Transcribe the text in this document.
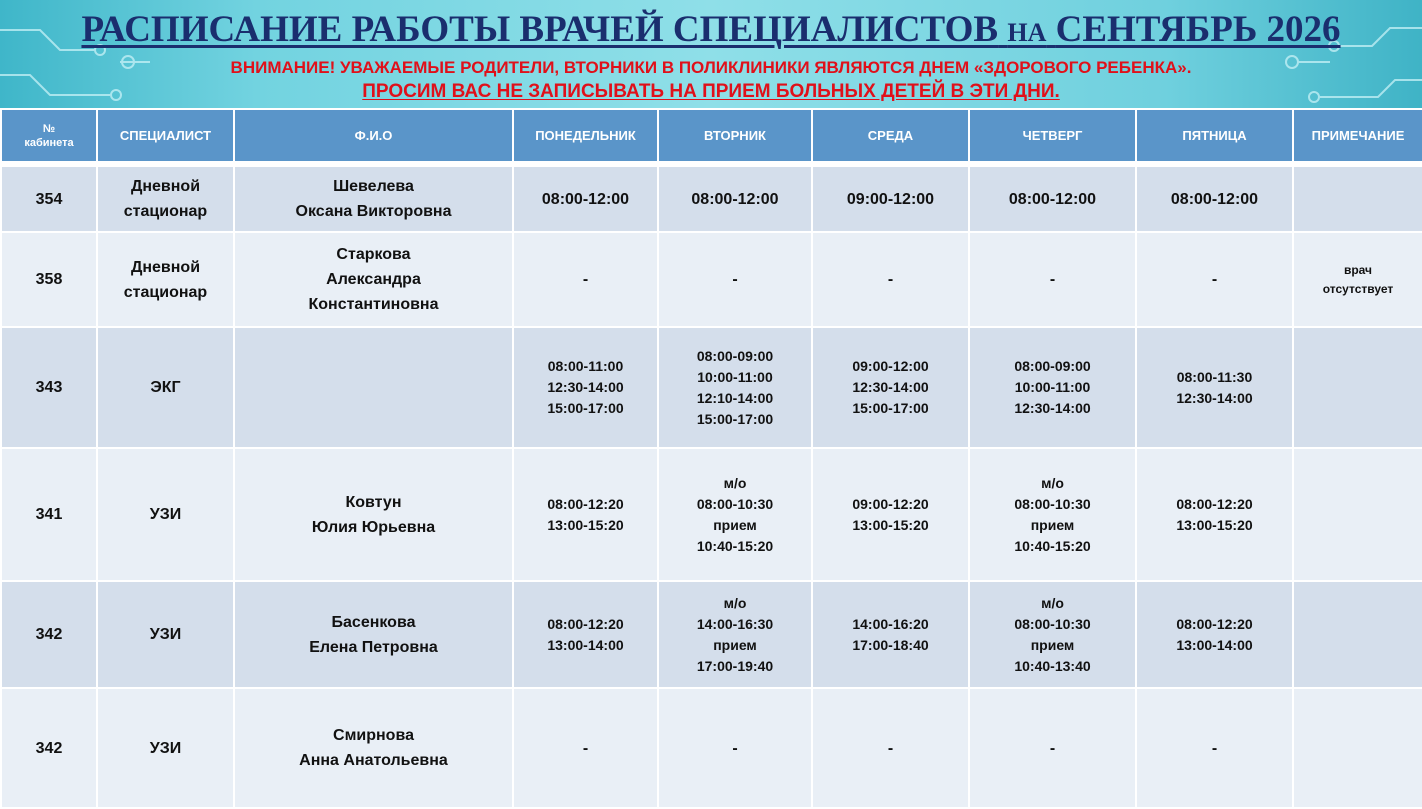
РАСПИСАНИЕ РАБОТЫ ВРАЧЕЙ СПЕЦИАЛИСТОВ НА СЕНТЯБРЬ 2026
ВНИМАНИЕ! УВАЖАЕМЫЕ РОДИТЕЛИ, ВТОРНИКИ В ПОЛИКЛИНИКИ ЯВЛЯЮТСЯ ДНЕМ «ЗДОРОВОГО РЕБЕНКА».
ПРОСИМ ВАС НЕ ЗАПИСЫВАТЬ НА ПРИЕМ БОЛЬНЫХ ДЕТЕЙ В ЭТИ ДНИ.
№
кабинета	СПЕЦИАЛИСТ	Ф.И.О	ПОНЕДЕЛЬНИК	ВТОРНИК	СРЕДА	ЧЕТВЕРГ	ПЯТНИЦА	ПРИМЕЧАНИЕ
354	Дневной
стационар	Шевелева
Оксана Викторовна	08:00-12:00	08:00-12:00	09:00-12:00	08:00-12:00	08:00-12:00	

358	Дневной
стационар	Старкова
Александра
Константиновна	-	-	-	-	-	врач
отсутствует

343	ЭКГ		08:00-11:00
12:30-14:00
15:00-17:00	08:00-09:00
10:00-11:00
12:10-14:00
15:00-17:00	09:00-12:00
12:30-14:00
15:00-17:00	08:00-09:00
10:00-11:00
12:30-14:00	08:00-11:30
12:30-14:00	

341	УЗИ	Ковтун
Юлия Юрьевна	08:00-12:20
13:00-15:20	м/о
08:00-10:30
прием
10:40-15:20	09:00-12:20
13:00-15:20	м/о
08:00-10:30
прием
10:40-15:20	08:00-12:20
13:00-15:20	

342	УЗИ	Басенкова
Елена Петровна	08:00-12:20
13:00-14:00	м/о
14:00-16:30
прием
17:00-19:40	14:00-16:20
17:00-18:40	м/о
08:00-10:30
прием
10:40-13:40	08:00-12:20
13:00-14:00	

342	УЗИ	Смирнова
Анна Анатольевна	-	-	-	-	-	
